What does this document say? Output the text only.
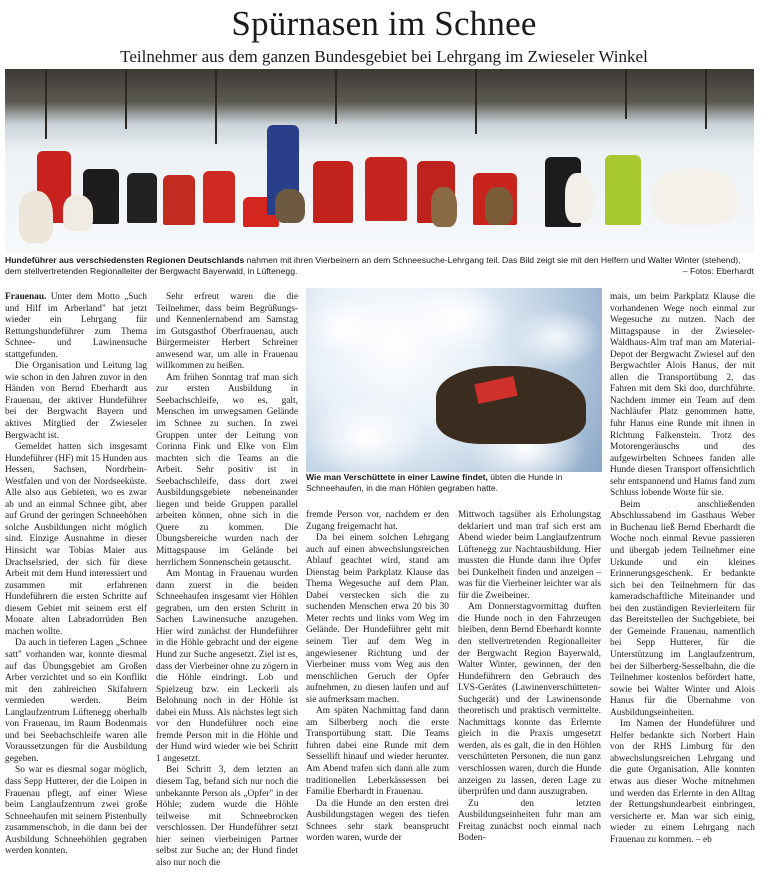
Spürnasen im Schnee
Teilnehmer aus dem ganzen Bundesgebiet bei Lehrgang im Zwieseler Winkel
Hundeführer aus verschiedensten Regionen Deutschlands nahmen mit ihren Vierbeinern an dem Schneesuche-Lehrgang teil. Das Bild zeigt sie mit den Helfern und Walter Winter (stehend), dem stellvertretenden Regionalleiter der Bergwacht Bayerwald, in Lüftenegg.	– Fotos: Eberhardt

Frauenau. Unter dem Motto „Such und Hilf im Arberland" hat jetzt wieder ein Lehrgang für Rettungshundeführer zum Thema Schnee- und Lawinensuche stattgefunden.

Die Organisation und Leitung lag wie schon in den Jahren zuvor in den Händen von Bernd Eberhardt aus Frauenau, der aktiver Hundeführer bei der Bergwacht Bayern und aktives Mitglied der Zwieseler Bergwacht ist.

Gemeldet hatten sich insgesamt Hundeführer (HF) mit 15 Hunden aus Hessen, Sachsen, Nordrhein-Westfalen und von der Nordseeküste. Alle also aus Gebieten, wo es zwar ab und an einmal Schnee gibt, aber auf Grund der geringen Schneehöhen solche Ausbildungen nicht möglich sind. Einzige Ausnahme in dieser Hinsicht war Tobias Maier aus Drachselsried, der sich für diese Arbeit mit dem Hund interessiert und zusammen mit erfahrenen Hundeführern die ersten Schritte auf diesem Gebiet mit seinem erst elf Monate alten Labradorrüden Ben machen wollte.

Da auch in tieferen Lagen „Schnee satt" vorhanden war, konnte diesmal auf das Übungsgebiet am Großen Arber verzichtet und so ein Konflikt mit den zahlreichen Skifahrern vermieden werden. Beim Langlaufzentrum Lüftenegg oberhalb von Frauenau, im Raum Bodenmais und bei Seebachschleife waren alle Voraussetzungen für die Ausbildung gegeben.

So war es diesmal sogar möglich, dass Sepp Hutterer, der die Loipen in Frauenau pflegt, auf einer Wiese beim Langlaufzentrum zwei große Schneehaufen mit seinem Pistenbully zusammenschob, in die dann bei der Ausbildung Schneehöhlen gegraben werden konnten.

Sehr erfreut waren die die Teilnehmer, dass beim Begrüßungs- und Kennenlernabend am Samstag im Gutsgasthof Oberfrauenau, auch Bürgermeister Herbert Schreiner anwesend war, um alle in Frauenau willkommen zu heißen.

Am frühen Sonntag traf man sich zur ersten Ausbildung in Seebachschleife, wo es, galt, Menschen im unwegsamen Gelände im Schnee zu suchen. In zwei Gruppen unter der Leitung von Corinna Fink und Elke von Elm machten sich die Teams an die Arbeit. Sehr positiv ist in Seebachschleife, dass dort zwei Ausbildungsgebiete nebeneinander liegen und beide Gruppen parallel arbeiten können, ohne sich in die Quere zu kommen. Die Übungsbereiche wurden nach der Mittagspause im Gelände bei herrlichem Sonnenschein getauscht.

Am Montag in Frauenau wurden dann zuerst in die beiden Schneehaufen insgesamt vier Höhlen gegraben, um den ersten Schritt in Sachen Lawinensuche anzugehen. Hier wird zunächst der Hundeführer in die Höhle gebracht und der eigene Hund zur Suche angesetzt. Ziel ist es, dass der Vierbeiner ohne zu zögern in die Höhle eindringt. Lob und Spielzeug bzw. ein Leckerli als Belohnung noch in der Höhle ist dabei ein Muss. Als nächstes legt sich vor den Hundeführer noch eine fremde Person mit in die Höhle und der Hund wird wieder wie bei Schritt 1 angesetzt.

Bei Schritt 3, dem letzten an diesem Tag, befand sich nur noch die unbekannte Person als „Opfer" in der Höhle; zudem wurde die Höhle teilweise mit Schneebrocken verschlossen. Der Hundeführer setzt hier seinen vierbeinigen Partner selbst zur Suche an; der Hund findet also nur noch die

fremde Person vor, nachdem er den Zugang freigemacht hat.

Da bei einem solchen Lehrgang auch auf einen abwechslungsreichen Ablauf geachtet wird, stand am Dienstag beim Parkplatz Klause das Thema Wegesuche auf dem Plan. Dabei verstecken sich die zu suchenden Menschen etwa 20 bis 30 Meter rechts und links vom Weg im Gelände. Der Hundeführer geht mit seinem Tier auf dem Weg in angewiesener Richtung und der Vierbeiner muss vom Weg aus den menschlichen Geruch der Opfer aufnehmen, zu diesen laufen und auf sie aufmerksam machen.

Am späten Nachmittag fand dann am Silberberg noch die erste Transportübung statt. Die Teams fuhren dabei eine Runde mit dem Sessellift hinauf und wieder herunter. Am Abend trafen sich dann alle zum traditionellen Leberkässessen bei Familie Eberhardt in Frauenau.

Da die Hunde an den ersten drei Ausbildungstagen wegen des tiefen Schnees sehr stark beansprucht worden waren, wurde der

Mittwoch tagsüber als Erholungstag deklariert und man traf sich erst am Abend wieder beim Langlaufzentrum Lüftenegg zur Nachtausbildung. Hier mussten die Hunde dann ihre Opfer bei Dunkelheit finden und anzeigen – was für die Vierbeiner leichter war als für die Zweibeiner.

Am Donnerstagvormittag durften die Hunde noch in den Fahrzeugen bleiben, denn Bernd Eberhardt konnte den stellvertretenden Regionalleiter der Bergwacht Region Bayerwald, Walter Winter, gewinnen, der den Hundeführern den Gebrauch des LVS-Gerätes (Lawinenverschütteten-Suchgerät) und der Lawinensonde theoretisch und praktisch vermittelte. Nachmittags konnte das Erlernte gleich in die Praxis umgesetzt werden, als es galt, die in den Höhlen verschütteten Personen, die nun ganz verschlossen waren, durch die Hunde anzeigen zu lassen, deren Lage zu überprüfen und dann auszugraben.

Zu den letzten Ausbildungseinheiten fuhr man am Freitag zunächst noch einmal nach Boden-

mais, um beim Parkplatz Klause die vorhandenen Wege noch einmal zur Wegesuche zu nutzen. Nach der Mittagspause in der Zwieseler-Waldhaus-Alm traf man am Material-Depot der Bergwacht Zwiesel auf den Bergwachtler Alois Hanus, der mit allen die Transportübung 2, das Fahren mit dem Ski doo, durchführte. Nachdem immer ein Team auf dem Nachläufer Platz genommen hatte, fuhr Hanus eine Runde mit ihnen in Richtung Falkenstein. Trotz des Motorengeräuschs und des aufgewirbelten Schnees fanden alle Hunde diesen Transport offensichtlich sehr entspannend und Hanus fand zum Schluss lobende Worte für sie.

Beim anschließenden Abschlussabend im Gasthaus Weber in Buchenau ließ Bernd Eberhardt die Woche noch einmal Revue passieren und übergab jedem Teilnehmer eine Urkunde und ein kleines Erinnerungsgeschenk. Er bedankte sich bei den Teilnehmern für das kameradschaftliche Miteinander und bei den zuständigen Revierleitern für das Bereitstellen der Suchgebiete, bei der Gemeinde Frauenau, namentlich bei Sepp Hutterer, für die Unterstützung im Langlaufzentrum, bei der Silberberg-Sesselbahn, die die Teilnehmer kostenlos befördert hatte, sowie bei Walter Winter und Alois Hanus für die Übernahme von Ausbildungseinheiten.

Im Namen der Hundeführer und Helfer bedankte sich Norbert Hain von der RHS Limburg für den abwechslungsreichen Lehrgang und die gute Organisation. Alle konnten etwas aus dieser Woche mitnehmen und werden das Erlernte in den Alltag der Rettungshundearbeit einbringen, versicherte er. Man war sich einig, wieder zu einem Lehrgang nach Frauenau zu kommen. – eb

Wie man Verschüttete in einer Lawine findet, übten die Hunde in Schneehaufen, in die man Höhlen gegraben hatte.
